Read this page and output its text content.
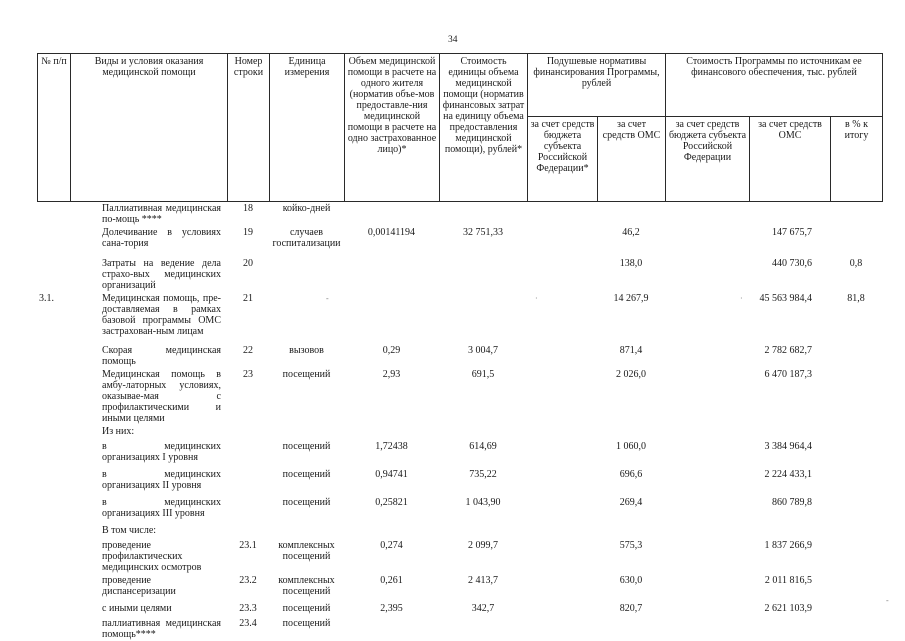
34
№ п/п	Виды и условия оказания медицинской помощи	Номер строки	Единица измерения	Объем медицинской помощи в расчете на одного жителя (норматив объе-мов предоставле-ния медицинской помощи в расчете на одно застрахованное лицо)*	Стоимость единицы объема медицинской помощи (норматив финансовых затрат на единицу объема предоставления медицинской помощи), рублей*	Подушевые нормативы финансирования Программы, рублей		Стоимость Программы по источникам ее финансового обеспечения, тыс. рублей		
						за счет средств бюджета субъекта Российской Федерации*	за счет средств ОМС	за счет средств бюджета субъекта Российской Федерации	за счет средств ОМС	в % к итогу
	Паллиативная медицинская по-мощь ****	18	койко-дней							
	Долечивание в условиях сана-тория	19	случаев госпитализации	0,00141194	32 751,33		46,2		147 675,7	
	Затраты на ведение дела страхо-вых медицинских организаций	20					138,0		440 730,6	0,8
3.1.	Медицинская помощь, пре-доставляемая в рамках базовой программы ОМС застрахован-ным лицам	21					14 267,9		45 563 984,4	81,8
	Скорая медицинская помощь	22	вызовов	0,29	3 004,7		871,4		2 782 682,7	
	Медицинская помощь в амбу-латорных условиях, оказывае-мая с профилактическими и иными целями	23	посещений	2,93	691,5		2 026,0		6 470 187,3	
	Из них:									
	в медицинских организациях I уровня		посещений	1,72438	614,69		1 060,0		3 384 964,4	
	в медицинских организациях II уровня		посещений	0,94741	735,22		696,6		2 224 433,1	
	в медицинских организациях III уровня		посещений	0,25821	1 043,90		269,4		860 789,8	
	В том числе:									
	проведение профилактических медицинских осмотров	23.1	комплексных посещений	0,274	2 099,7		575,3		1 837 266,9	
	проведение диспансеризации	23.2	комплексных посещений	0,261	2 413,7		630,0		2 011 816,5	
	с иными целями	23.3	посещений	2,395	342,7		820,7		2 621 103,9	
	паллиативная медицинская помощь****	23.4	посещений							
·	·
-
-
